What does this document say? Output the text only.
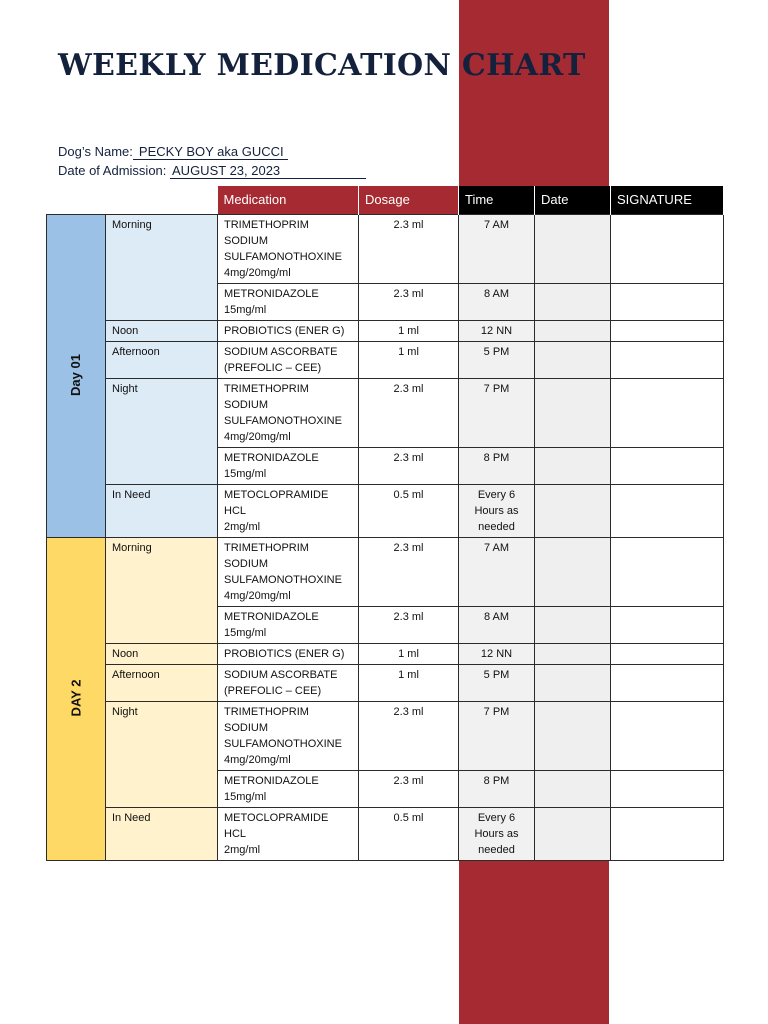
WEEKLY MEDICATION CHART
Dog’s Name: PECKY BOY aka GUCCI
Date of Admission: AUGUST 23, 2023
		Medication	Dosage	Time	Date	SIGNATURE
Day 01	Morning	TRIMETHOPRIM
SODIUM
SULFAMONOTHOXINE
4mg/20mg/ml	2.3 ml	7 AM		

		METRONIDAZOLE
15mg/ml	2.3 ml	8 AM		

	Noon	PROBIOTICS (ENER G)	1 ml	12 NN		

	Afternoon	SODIUM ASCORBATE
(PREFOLIC – CEE)	1 ml	5 PM		

	Night	TRIMETHOPRIM
SODIUM
SULFAMONOTHOXINE
4mg/20mg/ml	2.3 ml	7 PM		

		METRONIDAZOLE
15mg/ml	2.3 ml	8 PM		

	In Need	METOCLOPRAMIDE HCL
2mg/ml	0.5 ml	Every 6
Hours as
needed		

DAY 2	Morning	TRIMETHOPRIM
SODIUM
SULFAMONOTHOXINE
4mg/20mg/ml	2.3 ml	7 AM		

		METRONIDAZOLE
15mg/ml	2.3 ml	8 AM		

	Noon	PROBIOTICS (ENER G)	1 ml	12 NN		

	Afternoon	SODIUM ASCORBATE
(PREFOLIC – CEE)	1 ml	5 PM		

	Night	TRIMETHOPRIM
SODIUM
SULFAMONOTHOXINE
4mg/20mg/ml	2.3 ml	7 PM		

		METRONIDAZOLE
15mg/ml	2.3 ml	8 PM		

	In Need	METOCLOPRAMIDE HCL
2mg/ml	0.5 ml	Every 6
Hours as
needed		
